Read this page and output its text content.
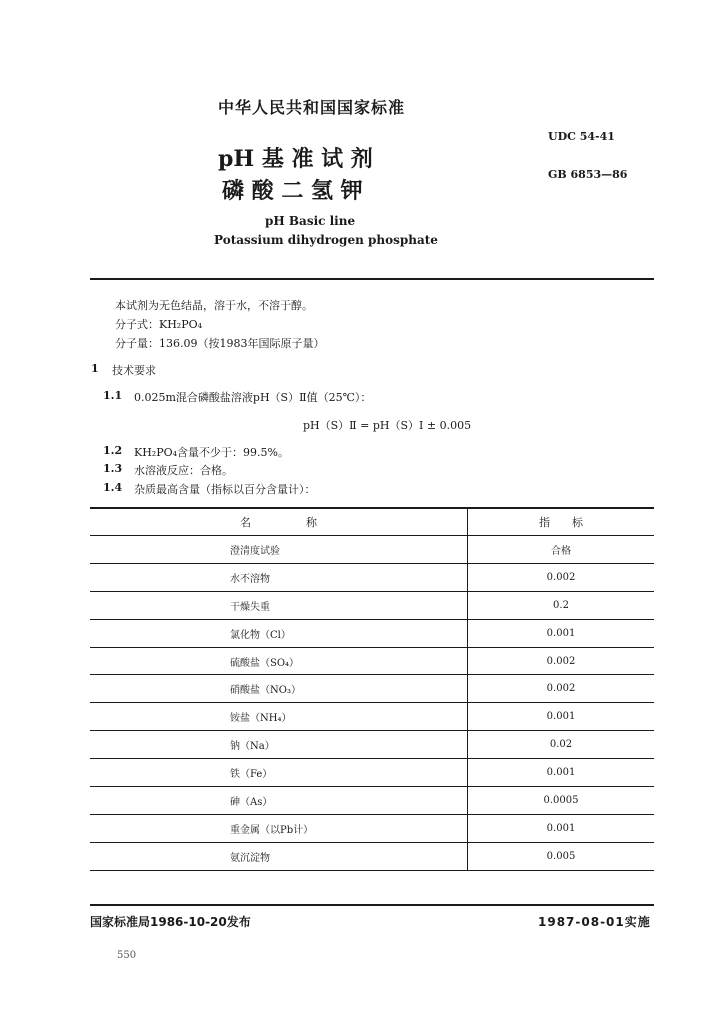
中华人民共和国国家标准
UDC 54-41
GB 6853—86
pH 基 准 试 剂
磷 酸 二 氢 钾
pH Basic line
Potassium dihydrogen phosphate
本试剂为无色结晶，溶于水，不溶于醇。
分子式：KH₂PO₄
分子量：136.09（按1983年国际原子量）
1 技术要求
1.1 0.025m混合磷酸盐溶液pH（S）Ⅱ值（25℃）：
pH（S）Ⅱ = pH（S）Ⅰ ± 0.005
1.2 KH₂PO₄含量不少于：99.5%。
1.3 水溶液反应：合格。
1.4 杂质最高含量（指标以百分含量计）：
名　　　　　称	指　　标
澄清度试验	合格
水不溶物	0.002
干燥失重	0.2
氯化物（Cl）	0.001
硫酸盐（SO₄）	0.002
硝酸盐（NO₃）	0.002
铵盐（NH₄）	0.001
钠（Na）	0.02
铁（Fe）	0.001
砷（As）	0.0005
重金属（以Pb计）	0.001
氨沉淀物	0.005
国家标准局1986-10-20发布	1987-08-01实施
550
